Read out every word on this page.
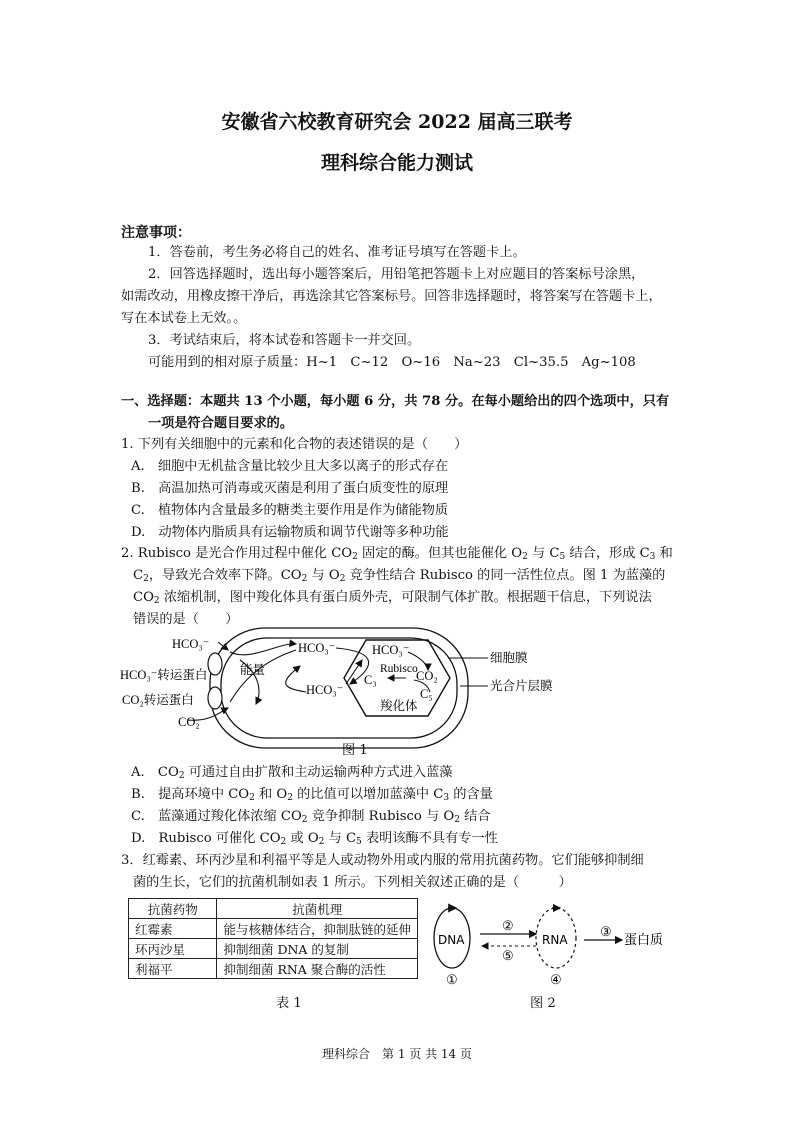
安徽省六校教育研究会 2022 届高三联考
理科综合能力测试
注意事项：
1．答卷前，考生务必将自己的姓名、准考证号填写在答题卡上。
2．回答选择题时，选出每小题答案后，用铅笔把答题卡上对应题目的答案标号涂黑，
如需改动，用橡皮擦干净后，再选涂其它答案标号。回答非选择题时，将答案写在答题卡上，
写在本试卷上无效。。
3．考试结束后，将本试卷和答题卡一并交回。
可能用到的相对原子质量：H~1　C~12　O~16　Na~23　Cl~35.5　Ag~108
一、选择题：本题共 13 个小题，每小题 6 分，共 78 分。在每小题给出的四个选项中，只有
一项是符合题目要求的。
1. 下列有关细胞中的元素和化合物的表述错误的是（　　）
A.　细胞中无机盐含量比较少且大多以离子的形式存在
B.　高温加热可消毒或灭菌是利用了蛋白质变性的原理
C.　植物体内含量最多的糖类主要作用是作为储能物质
D.　动物体内脂质具有运输物质和调节代谢等多种功能
2. Rubisco 是光合作用过程中催化 $CO_2$ 固定的酶。但其也能催化 $O_2$ 与 $C_5$ 结合，形成 $C_3$ 和
$C_2$，导致光合效率下降。$CO_2$ 与 $O_2$ 竞争性结合 Rubisco 的同一活性位点。图 1 为蓝藻的
$CO_2$ 浓缩机制，图中羧化体具有蛋白质外壳，可限制气体扩散。根据题干信息，下列说法
错误的是（　　）
HCO₃⁻
HCO₃⁻转运蛋白
CO₂转运蛋白
CO₂
能量
HCO₃⁻
HCO₃⁻
HCO₃⁻
Rubisco
C₃	CO₂
C₅
羧化体
细胞膜
光合片层膜
图 1
A.　$CO_2$ 可通过自由扩散和主动运输两种方式进入蓝藻
B.　提高环境中 $CO_2$ 和 $O_2$ 的比值可以增加蓝藻中 $C_3$ 的含量
C.　蓝藻通过羧化体浓缩 $CO_2$ 竞争抑制 Rubisco 与 $O_2$ 结合
D.　Rubisco 可催化 $CO_2$ 或 $O_2$ 与 $C_5$ 表明该酶不具有专一性
3．红霉素、环丙沙星和利福平等是人或动物外用或内服的常用抗菌药物。它们能够抑制细
菌的生长，它们的抗菌机制如表 1 所示。下列相关叙述正确的是（　　　）
抗菌药物	抗菌机理
红霉素	能与核糖体结合，抑制肽链的延伸
环丙沙星	抑制细菌 DNA 的复制
利福平	抑制细菌 RNA 聚合酶的活性
表 1
DNA	RNA	蛋白质
①
②	③
④
⑤
图 2
理科综合　第 1 页 共 14 页
